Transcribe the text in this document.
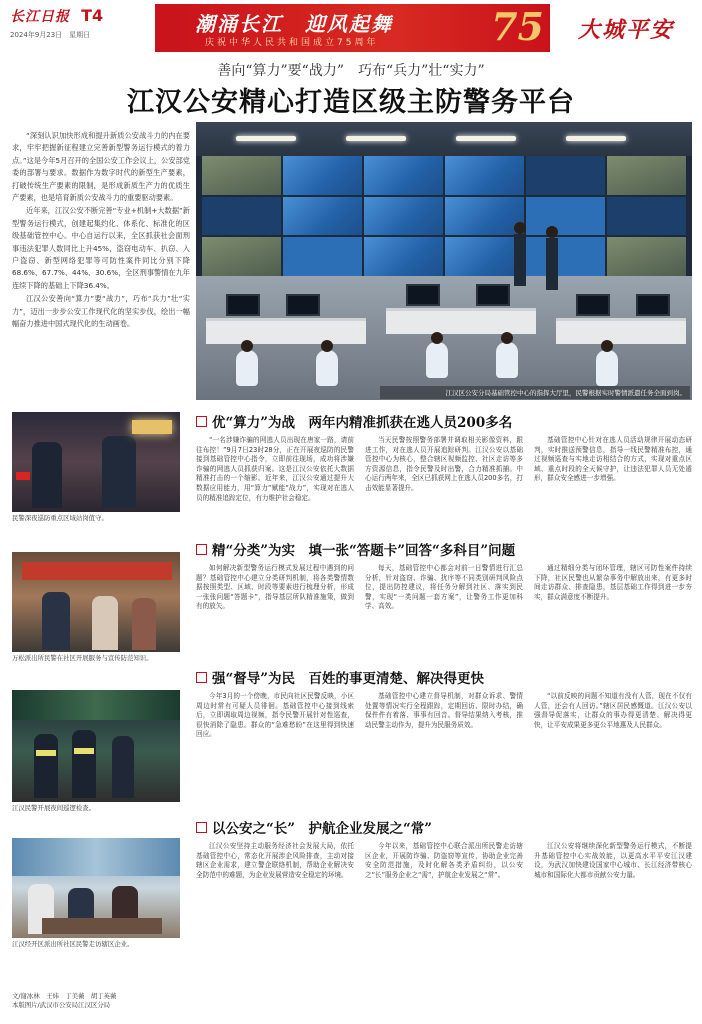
长江日报 T4
2024年9月23日　星期日	潮涌长江　迎风起舞
庆祝中华人民共和国成立75周年	75 大城平安
善向“算力”要“战力”　巧布“兵力”壮“实力”
江汉公安精心打造区级主防警务平台

“深刻认识加快形成和提升新质公安战斗力的内在要求，牢牢把握新征程建立完善新型警务运行模式的着力点。”这是今年5月召开的全国公安工作会议上，公安部党委的部署与要求。数据作为数字时代的新型生产要素，打破传统生产要素的限制，是形成新质生产力的优质生产要素，也是培育新质公安战斗力的重要驱动要素。

近年来，江汉公安不断完善“专业+机制+大数据”新型警务运行模式，创建起集约化、体系化、标准化的区级基础管控中心。中心自运行以来，全区抓获社会面刑事违法犯罪人数同比上升45%，盗窃电动车、扒窃、入户盗窃、新型网络犯罪等可防性案件同比分别下降68.6%、67.7%、44%、30.6%，全区刑事警情在九年连续下降的基础上下降36.4%。

江汉公安善向“算力”要“战力”，巧布“兵力”壮“实力”，迈出一步步公安工作现代化的坚实步伐，绘出一幅幅奋力推进中国式现代化的生动画卷。

江汉区公安分局基础管控中心的指挥大厅里，民警根据实时警情派遣任务全面到岗。
民警深夜巡防重点区域站岗值守。
万松派出所民警在社区开展服务与宣传防范知识。
江汉民警开展夜间巡逻检查。
江汉经开区派出所社区民警走访辖区企业。
文/谢冰林　王炜　丁美薇　胡丁英薇
本版图片/武汉市公安局江汉区分局
优“算力”为战　两年内精准抓获在逃人员200多名

“一名涉嫌诈骗的网逃人员出现在唐家一路，请前往布控！”9月7日23时28分，正在开展夜巡防的民警接到基础管控中心指令，立即前往现场，成功将涉嫌诈骗的网逃人员抓获归案。这是江汉公安依托大数据精准打击的一个缩影。近年来，江汉公安通过提升大数据应用能力，用“算力”赋能“战力”，实现对在逃人员的精准追踪定位，有力维护社会稳定。

当天民警按照警务部署并调取相关影像资料，跟进工作，对在逃人员开展追踪研判。江汉公安以基础管控中心为核心，整合辖区视频监控、社区走访等多方资源信息，指令民警及时出警，合力精准抓捕。中心运行两年来，全区已抓获网上在逃人员200多名，打击效能显著提升。

基础管控中心针对在逃人员活动规律开展动态研判，实时推送预警信息，指导一线民警精准布控，通过视频巡查与实地走访相结合的方式，实现对重点区域、重点时段的全天候守护，让违法犯罪人员无处遁形，群众安全感进一步增强。

精“分类”为实　填一张“答题卡”回答“多科目”问题

如何解决新型警务运行模式发展过程中遇到的问题？基础管控中心建立分类研判机制，将各类警情数据按照类型、区域、时段等要素进行梳理分析，形成一张张问题“答题卡”，指导基层所队精准施策，做到有的放矢。

每天，基础管控中心都会对前一日警情进行汇总分析，针对盗窃、诈骗、扰序等不同类别研判风险点位，提出防控建议，将任务分解到社区、落实到民警，实现“一类问题一套方案”，让警务工作更加科学、高效。

通过精细分类与闭环管理，辖区可防性案件持续下降，社区民警也从繁杂事务中解放出来，有更多时间走访群众、排查隐患，基层基础工作得到进一步夯实，群众满意度不断提升。

强“督导”为民　百姓的事更清楚、解决得更快

今年3月的一个傍晚，市民向社区民警反映，小区周边时常有可疑人员徘徊。基础管控中心接到线索后，立即调取周边视频，指令民警开展针对性巡查，很快消除了隐患。群众的“急难愁盼”在这里得到快速回应。

基础管控中心建立督导机制，对群众诉求、警情处置等情况实行全程跟踪，定期回访、限时办结，确保件件有着落、事事有回音。督导结果纳入考核，推动民警主动作为，提升为民服务质效。

“以前反映的问题不知道有没有人管，现在不仅有人管，还会有人回访。”辖区居民感慨道。江汉公安以强督导促落实，让群众的事办得更清楚、解决得更快，让平安成果更多更公平地惠及人民群众。

以公安之“长”　护航企业发展之“常”

江汉公安坚持主动服务经济社会发展大局，依托基础管控中心，常态化开展涉企风险排查，主动对接辖区企业需求，建立警企联络机制，帮助企业解决安全防范中的难题，为企业发展营造安全稳定的环境。

今年以来，基础管控中心联合派出所民警走访辖区企业，开展防诈骗、防盗窃等宣传，协助企业完善安全防范措施，及时化解各类矛盾纠纷，以公安之“长”服务企业之“需”，护航企业发展之“常”。

江汉公安将继续深化新型警务运行模式，不断提升基础管控中心实战效能，以更高水平平安江汉建设，为武汉加快建设国家中心城市、长江经济带核心城市和国际化大都市贡献公安力量。
